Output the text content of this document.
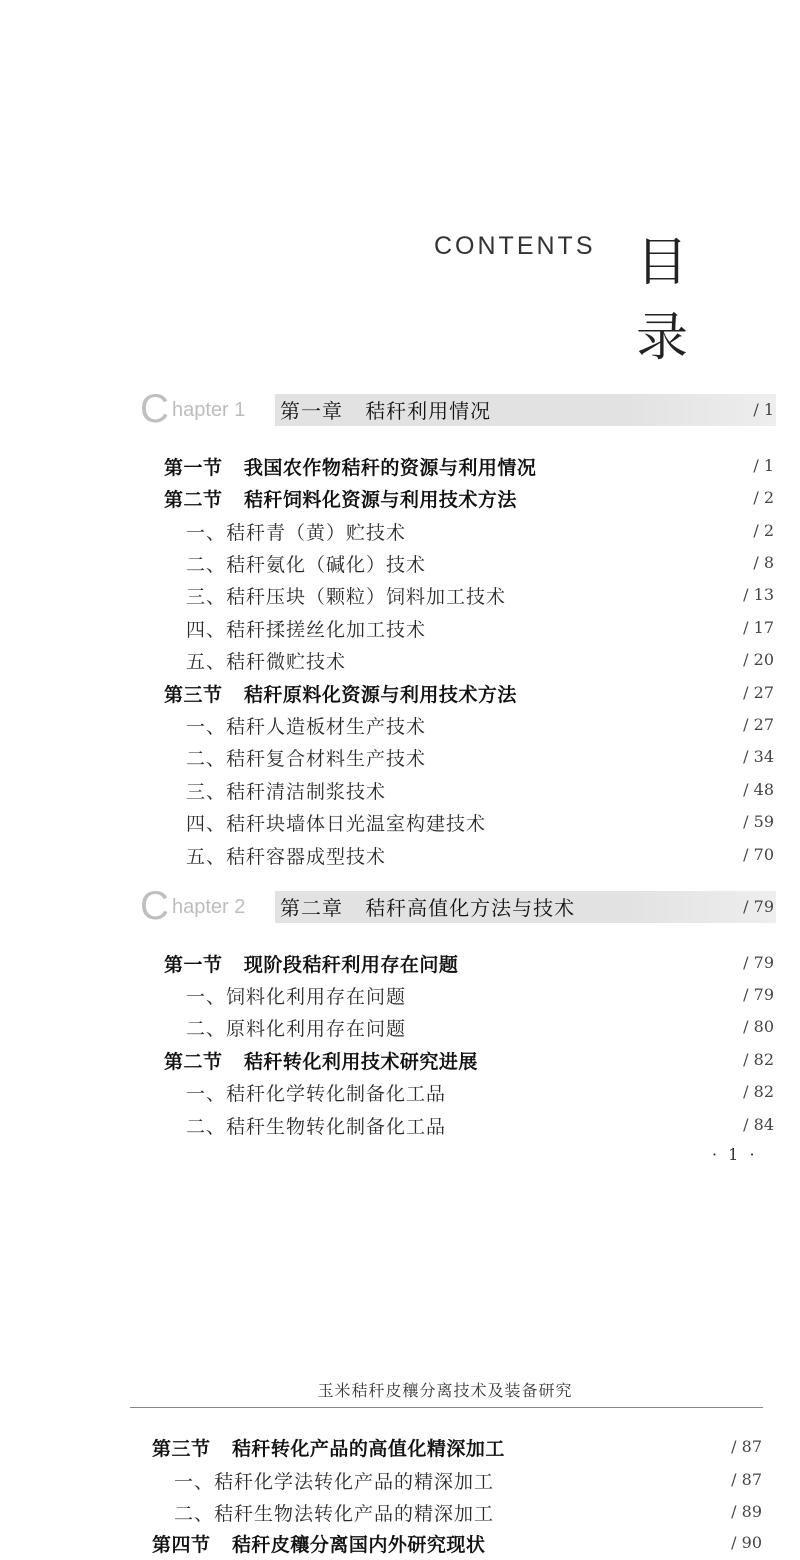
CONTENTS 目 录
C hapter 1 第一章   秸秆利用情况	/ 1
第一节   我国农作物秸秆的资源与利用情况	/ 1
第二节   秸秆饲料化资源与利用技术方法	/ 2
一、秸秆青（黄）贮技术	/ 2
二、秸秆氨化（碱化）技术	/ 8
三、秸秆压块（颗粒）饲料加工技术	/ 13
四、秸秆揉搓丝化加工技术	/ 17
五、秸秆微贮技术	/ 20
第三节   秸秆原料化资源与利用技术方法	/ 27
一、秸秆人造板材生产技术	/ 27
二、秸秆复合材料生产技术	/ 34
三、秸秆清洁制浆技术	/ 48
四、秸秆块墙体日光温室构建技术	/ 59
五、秸秆容器成型技术	/ 70
C hapter 2 第二章   秸秆高值化方法与技术	/ 79
第一节   现阶段秸秆利用存在问题	/ 79
一、饲料化利用存在问题	/ 79
二、原料化利用存在问题	/ 80
第二节   秸秆转化利用技术研究进展	/ 82
一、秸秆化学转化制备化工品	/ 82
二、秸秆生物转化制备化工品	/ 84
· 1 ·
玉米秸秆皮穰分离技术及装备研究
第三节   秸秆转化产品的高值化精深加工	/ 87
一、秸秆化学法转化产品的精深加工	/ 87
二、秸秆生物法转化产品的精深加工	/ 89
第四节   秸秆皮穰分离国内外研究现状	/ 90
